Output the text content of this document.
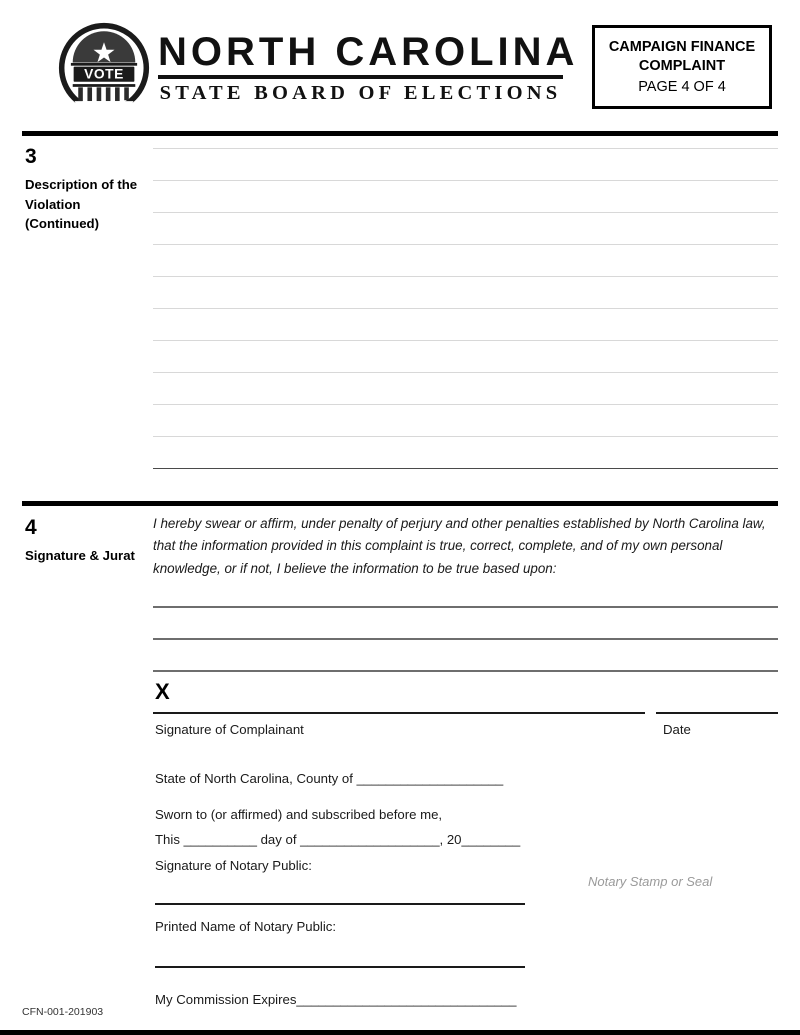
VOTE
NORTH CAROLINA
STATE BOARD OF ELECTIONS
CAMPAIGN FINANCE
COMPLAINT
PAGE 4 OF 4
3
Description of the Violation (Continued)
4
Signature & Jurat
I hereby swear or affirm, under penalty of perjury and other penalties established by North Carolina law, that the information provided in this complaint is true, correct, complete, and of my own personal knowledge, or if not, I believe the information to be true based upon:
X
Signature of Complainant	Date
State of North Carolina, County of ____________________
Sworn to (or affirmed) and subscribed before me,
This __________ day of ___________________, 20________
Signature of Notary Public:
Printed Name of Notary Public:
My Commission Expires______________________________
Notary Stamp or Seal
CFN-001-201903
